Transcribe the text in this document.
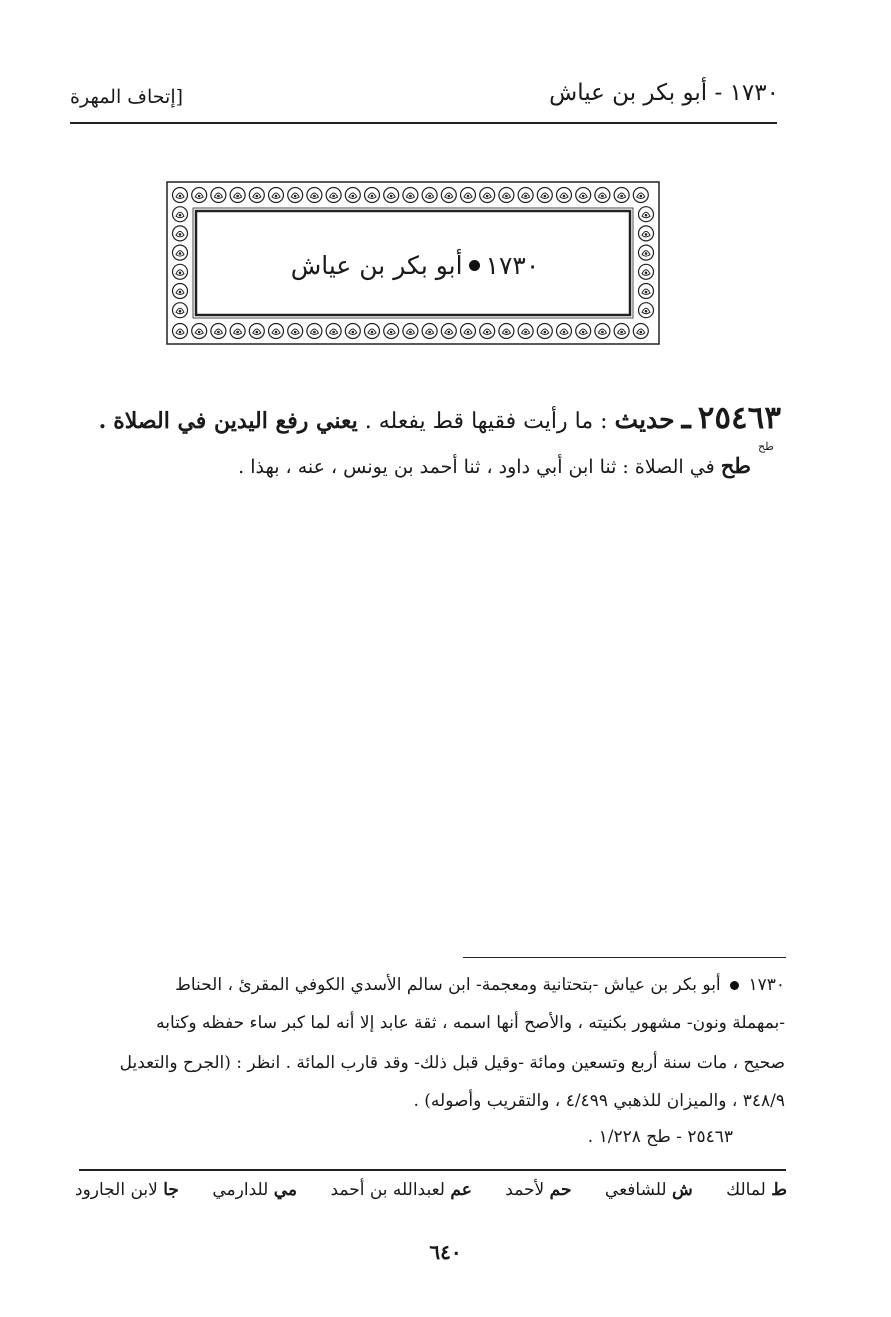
١٧٣٠ - أبو بكر بن عياش
[إتحاف المهرة
١٧٣٠
أبو بكر بن عياش
٢٥٤٦٣ ـ حديث : ما رأيت فقيها قط يفعله . يعني رفع اليدين في الصلاة .
طح
طح في الصلاة : ثنا ابن أبي داود ، ثنا أحمد بن يونس ، عنه ، بهذا .
١٧٣٠  أبو بكر بن عياش -بتحتانية ومعجمة- ابن سالم الأسدي الكوفي المقرئ ، الحناط
-بمهملة ونون- مشهور بكنيته ، والأصح أنها اسمه ، ثقة عابد إلا أنه لما كبر ساء حفظه وكتابه
صحيح ، مات سنة أربع وتسعين ومائة -وقيل قبل ذلك- وقد قارب المائة . انظر : (الجرح والتعديل
٣٤٨/٩ ، والميزان للذهبي ٤/٤٩٩ ، والتقريب وأصوله) .
٢٥٤٦٣ - طح ١/٢٢٨ .
ط لمالك
ش للشافعي
حم لأحمد
عم لعبدالله بن أحمد
مي للدارمي
جا لابن الجارود
٦٤٠
